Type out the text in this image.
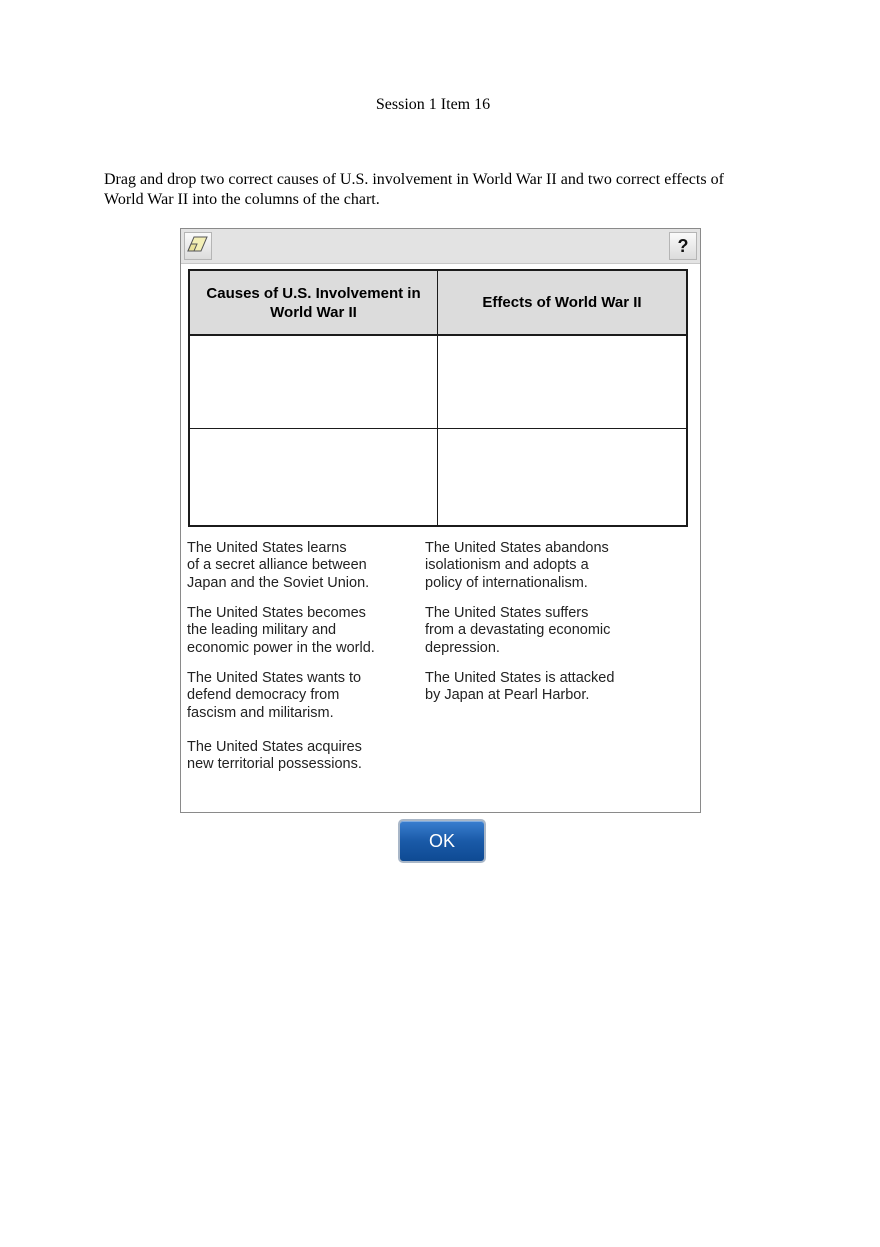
Session 1 Item 16
Drag and drop two correct causes of U.S. involvement in World War II and two correct effects of World War II into the columns of the chart.
?
Causes of U.S. Involvement in World War II
Effects of World War II
The United States learns
of a secret alliance between
Japan and the Soviet Union.
The United States abandons
isolationism and adopts a
policy of internationalism.
The United States becomes
the leading military and
economic power in the world.
The United States suffers
from a devastating economic
depression.
The United States wants to
defend democracy from
fascism and militarism.
The United States is attacked
by Japan at Pearl Harbor.
The United States acquires
new territorial possessions.
OK
